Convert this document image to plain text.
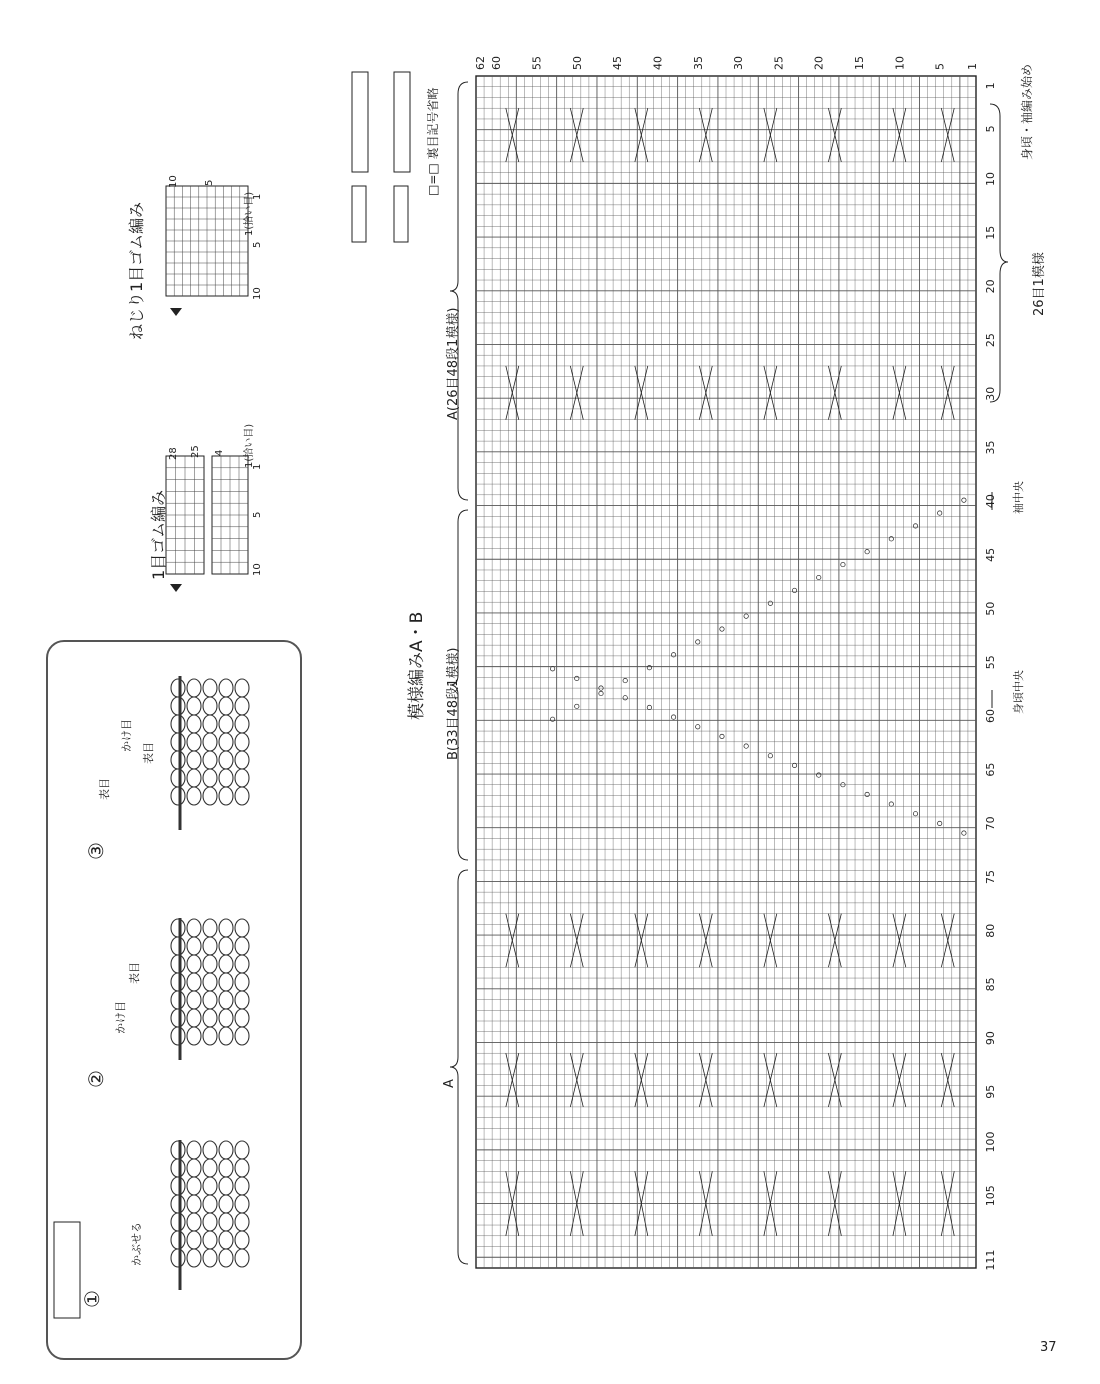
1
5
10
15
20
25
30
35
40
45
50
55
60
65
70
75
80
85
90
95
100
105
111
1
5
10
15
20
25
30
35
40
45
50
55
60
62
37
模様編みA・B
A(26目48段1模様)
B(33目48段1模様)
A
身頃・袖編み始め
26目1模様
身頃中央
袖中央
□=□ 裏目記号省略
1目ゴム編み
28 25 4	1(拾い目)
10
5
1
ねじり1目ゴム編み
10	5
1(拾い目)
10
5
1
①
②
③
かぶせる
かけ目
表目
かけ目
表目
表目
